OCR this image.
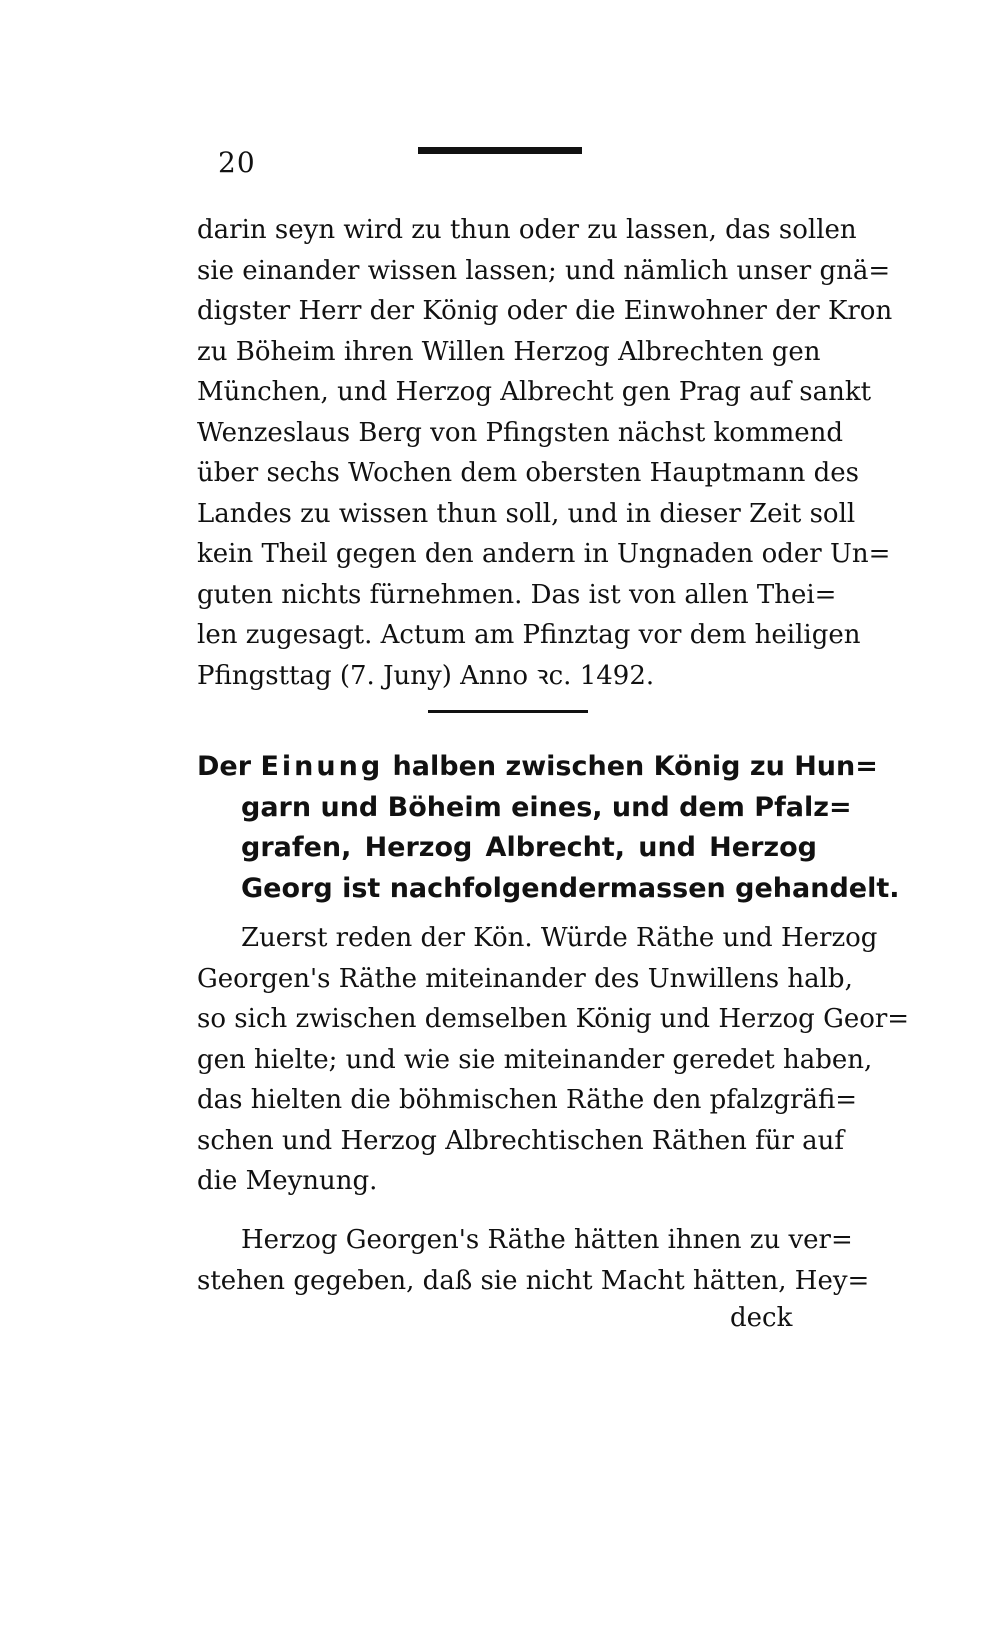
20
darin seyn wird zu thun oder zu lassen, das sollen
sie einander wissen lassen; und nämlich unser gnä=
digster Herr der König oder die Einwohner der Kron
zu Böheim ihren Willen Herzog Albrechten gen
München, und Herzog Albrecht gen Prag auf sankt
Wenzeslaus Berg von Pfingsten nächst kommend
über sechs Wochen dem obersten Hauptmann des
Landes zu wissen thun soll, und in dieser Zeit soll
kein Theil gegen den andern in Ungnaden oder Un=
guten nichts fürnehmen. Das ist von allen Thei=
len zugesagt. Actum am Pfinztag vor dem heiligen
Pfingsttag (7. Juny) Anno ꝛc. 1492.
Der Einung halben zwischen König zu Hun=
garn und Böheim eines, und dem Pfalz=
grafen, Herzog Albrecht, und Herzog
Georg ist nachfolgendermassen gehandelt.
Zuerst reden der Kön. Würde Räthe und Herzog
Georgen's Räthe miteinander des Unwillens halb,
so sich zwischen demselben König und Herzog Geor=
gen hielte; und wie sie miteinander geredet haben,
das hielten die böhmischen Räthe den pfalzgräfi=
schen und Herzog Albrechtischen Räthen für auf
die Meynung.
Herzog Georgen's Räthe hätten ihnen zu ver=
stehen gegeben, daß sie nicht Macht hätten, Hey=
deck
